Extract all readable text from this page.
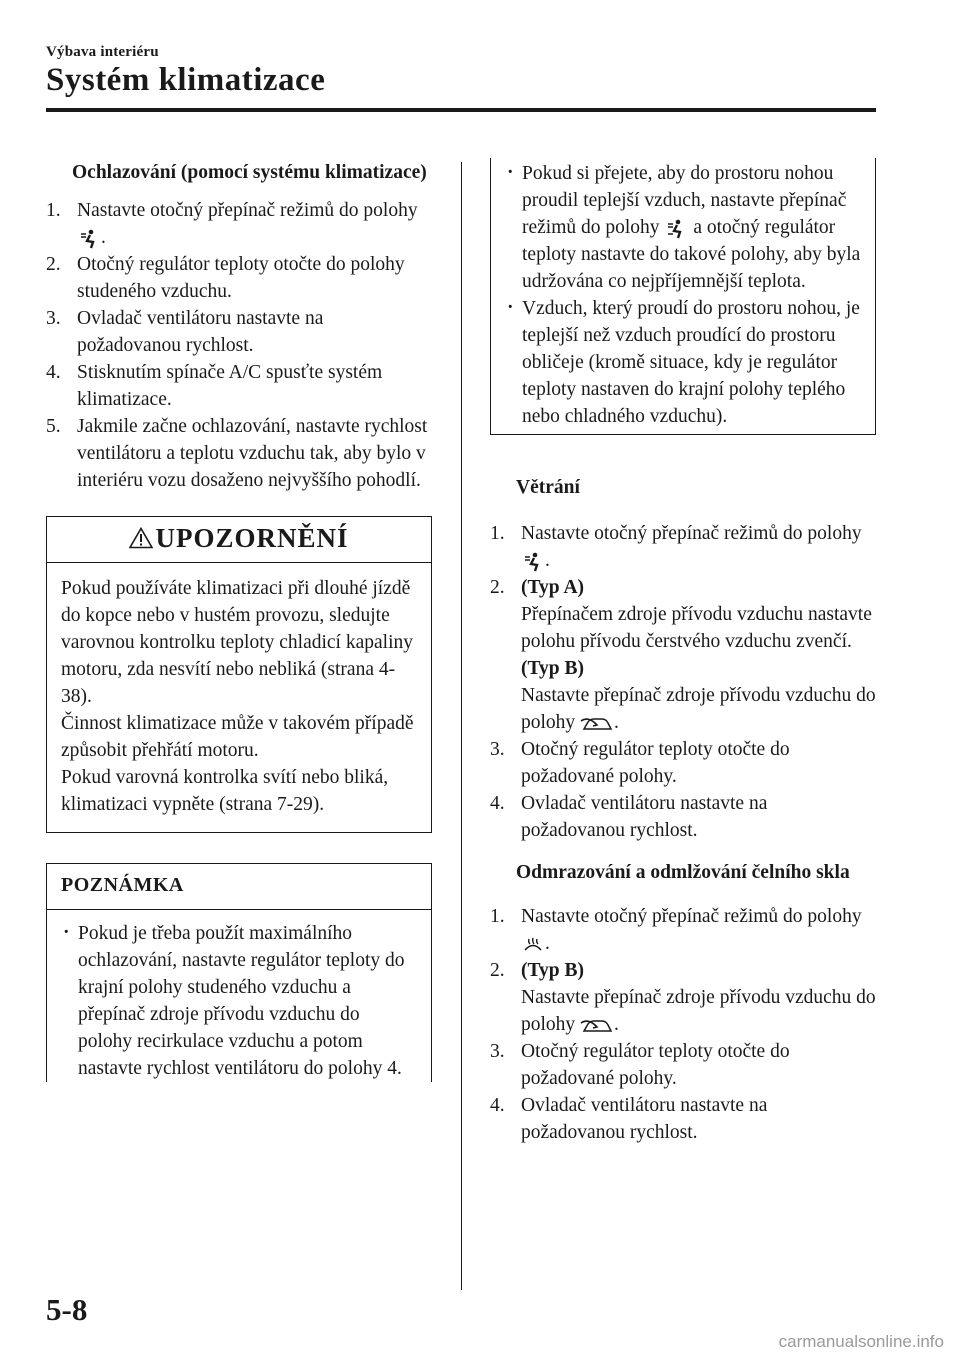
Výbava interiéru
Systém klimatizace
Ochlazování (pomocí systému klimatizace)
1. Nastavte otočný přepínač režimů do polohy .
2. Otočný regulátor teploty otočte do polohy studeného vzduchu.
3. Ovladač ventilátoru nastavte na požadovanou rychlost.
4. Stisknutím spínače A/C spusťte systém klimatizace.
5. Jakmile začne ochlazování, nastavte rychlost ventilátoru a teplotu vzduchu tak, aby bylo v interiéru vozu dosaženo nejvyššího pohodlí.
UPOZORNĚNÍ
Pokud používáte klimatizaci při dlouhé jízdě do kopce nebo v hustém provozu, sledujte varovnou kontrolku teploty chladicí kapaliny motoru, zda nesvítí nebo nebliká (strana 4-38).
Činnost klimatizace může v takovém případě způsobit přehřátí motoru.
Pokud varovná kontrolka svítí nebo bliká, klimatizaci vypněte (strana 7-29).
POZNÁMKA
· Pokud je třeba použít maximálního ochlazování, nastavte regulátor teploty do krajní polohy studeného vzduchu a přepínač zdroje přívodu vzduchu do polohy recirkulace vzduchu a potom nastavte rychlost ventilátoru do polohy 4.
· Pokud si přejete, aby do prostoru nohou proudil teplejší vzduch, nastavte přepínač režimů do polohy a otočný regulátor teploty nastavte do takové polohy, aby byla udržována co nejpříjemnější teplota.
· Vzduch, který proudí do prostoru nohou, je teplejší než vzduch proudící do prostoru obličeje (kromě situace, kdy je regulátor teploty nastaven do krajní polohy teplého nebo chladného vzduchu).
Větrání
1. Nastavte otočný přepínač režimů do polohy .
2. (Typ A)
Přepínačem zdroje přívodu vzduchu nastavte polohu přívodu čerstvého vzduchu zvenčí.
(Typ B)
Nastavte přepínač zdroje přívodu vzduchu do polohy .
3. Otočný regulátor teploty otočte do požadované polohy.
4. Ovladač ventilátoru nastavte na požadovanou rychlost.
Odmrazování a odmlžování čelního skla
1. Nastavte otočný přepínač režimů do polohy .
2. (Typ B)
Nastavte přepínač zdroje přívodu vzduchu do polohy .
3. Otočný regulátor teploty otočte do požadované polohy.
4. Ovladač ventilátoru nastavte na požadovanou rychlost.
5-8
carmanualsonline.info
